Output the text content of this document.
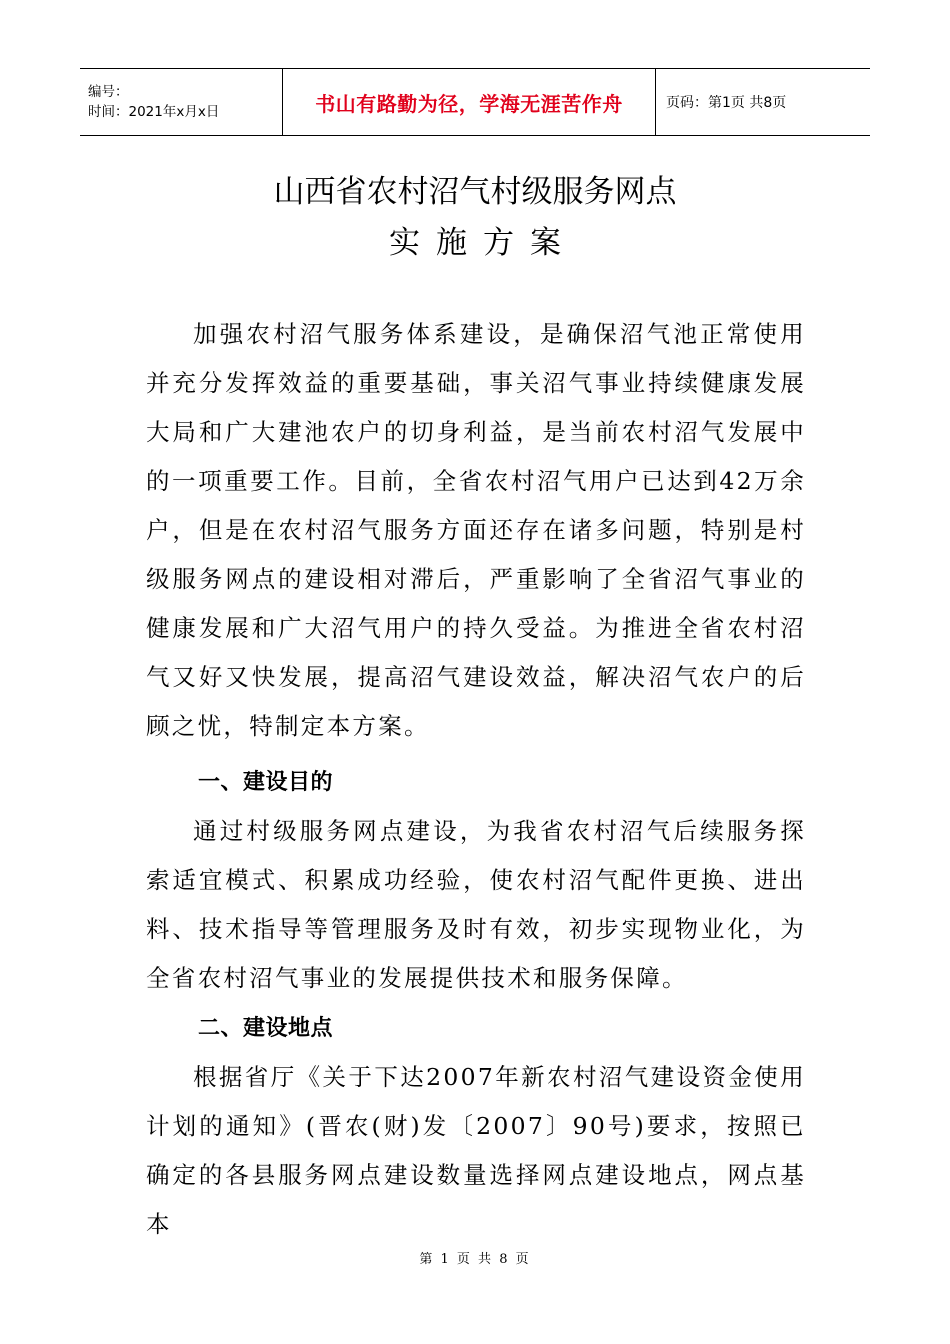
编号：
时间：2021年x月x日	书山有路勤为径，学海无涯苦作舟	页码：第1页 共8页
山西省农村沼气村级服务网点
实施方案

加强农村沼气服务体系建设，是确保沼气池正常使用并充分发挥效益的重要基础，事关沼气事业持续健康发展大局和广大建池农户的切身利益，是当前农村沼气发展中的一项重要工作。目前，全省农村沼气用户已达到42万余户，但是在农村沼气服务方面还存在诸多问题，特别是村级服务网点的建设相对滞后，严重影响了全省沼气事业的健康发展和广大沼气用户的持久受益。为推进全省农村沼气又好又快发展，提高沼气建设效益，解决沼气农户的后顾之忧，特制定本方案。

一、建设目的

通过村级服务网点建设，为我省农村沼气后续服务探索适宜模式、积累成功经验，使农村沼气配件更换、进出料、技术指导等管理服务及时有效，初步实现物业化，为全省农村沼气事业的发展提供技术和服务保障。

二、建设地点

根据省厅《关于下达2007年新农村沼气建设资金使用计划的通知》(晋农(财)发〔2007〕90号)要求，按照已确定的各县服务网点建设数量选择网点建设地点，网点基本

第 1 页 共 8 页
